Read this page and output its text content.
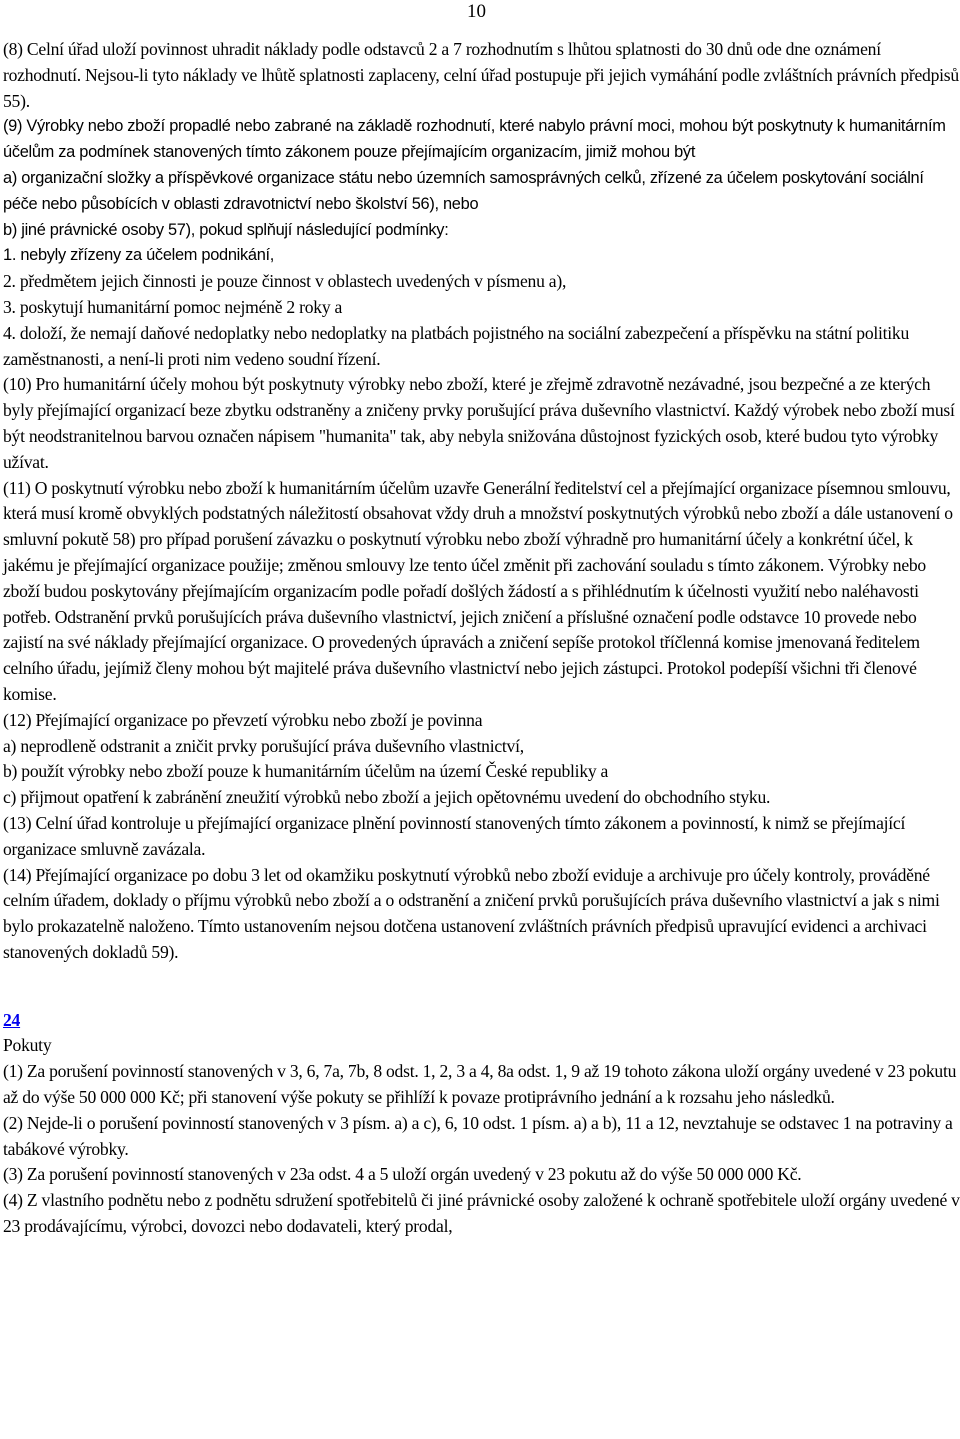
10

(8) Celní úřad uloží povinnost uhradit náklady podle odstavců 2 a 7 rozhodnutím s lhůtou splatnosti do 30 dnů ode dne oznámení rozhodnutí. Nejsou-li tyto náklady ve lhůtě splatnosti zaplaceny, celní úřad postupuje při jejich vymáhání podle zvláštních právních předpisů 55).

(9) Výrobky nebo zboží propadlé nebo zabrané na základě rozhodnutí, které nabylo právní moci, mohou být poskytnuty k humanitárním účelům za podmínek stanovených tímto zákonem pouze přejímajícím organizacím, jimiž mohou být

a) organizační složky a příspěvkové organizace státu nebo územních samosprávných celků, zřízené za účelem poskytování sociální péče nebo působících v oblasti zdravotnictví nebo školství 56), nebo

b) jiné právnické osoby 57), pokud splňují následující podmínky:

1. nebyly zřízeny za účelem podnikání,

2. předmětem jejich činnosti je pouze činnost v oblastech uvedených v písmenu a),

3. poskytují humanitární pomoc nejméně 2 roky a

4. doloží, že nemají daňové nedoplatky nebo nedoplatky na platbách pojistného na sociální zabezpečení a příspěvku na státní politiku zaměstnanosti, a není-li proti nim vedeno soudní řízení.

(10) Pro humanitární účely mohou být poskytnuty výrobky nebo zboží, které je zřejmě zdravotně nezávadné, jsou bezpečné a ze kterých byly přejímající organizací beze zbytku odstraněny a zničeny prvky porušující práva duševního vlastnictví. Každý výrobek nebo zboží musí být neodstranitelnou barvou označen nápisem "humanita" tak, aby nebyla snižována důstojnost fyzických osob, které budou tyto výrobky užívat.

(11) O poskytnutí výrobku nebo zboží k humanitárním účelům uzavře Generální ředitelství cel a přejímající organizace písemnou smlouvu, která musí kromě obvyklých podstatných náležitostí obsahovat vždy druh a množství poskytnutých výrobků nebo zboží a dále ustanovení o smluvní pokutě 58) pro případ porušení závazku o poskytnutí výrobku nebo zboží výhradně pro humanitární účely a konkrétní účel, k jakému je přejímající organizace použije; změnou smlouvy lze tento účel změnit při zachování souladu s tímto zákonem. Výrobky nebo zboží budou poskytovány přejímajícím organizacím podle pořadí došlých žádostí a s přihlédnutím k účelnosti využití nebo naléhavosti potřeb. Odstranění prvků porušujících práva duševního vlastnictví, jejich zničení a příslušné označení podle odstavce 10 provede nebo zajistí na své náklady přejímající organizace. O provedených úpravách a zničení sepíše protokol tříčlenná komise jmenovaná ředitelem celního úřadu, jejímiž členy mohou být majitelé práva duševního vlastnictví nebo jejich zástupci. Protokol podepíší všichni tři členové komise.

(12) Přejímající organizace po převzetí výrobku nebo zboží je povinna

a) neprodleně odstranit a zničit prvky porušující práva duševního vlastnictví,

b) použít výrobky nebo zboží pouze k humanitárním účelům na území České republiky a

c) přijmout opatření k zabránění zneužití výrobků nebo zboží a jejich opětovnému uvedení do obchodního styku.

(13) Celní úřad kontroluje u přejímající organizace plnění povinností stanovených tímto zákonem a povinností, k nimž se přejímající organizace smluvně zavázala.

(14) Přejímající organizace po dobu 3 let od okamžiku poskytnutí výrobků nebo zboží eviduje a archivuje pro účely kontroly, prováděné celním úřadem, doklady o příjmu výrobků nebo zboží a o odstranění a zničení prvků porušujících práva duševního vlastnictví a jak s nimi bylo prokazatelně naloženo. Tímto ustanovením nejsou dotčena ustanovení zvláštních právních předpisů upravující evidenci a archivaci stanovených dokladů 59).

24

Pokuty

(1) Za porušení povinností stanovených v 3, 6, 7a, 7b, 8 odst. 1, 2, 3 a 4, 8a odst. 1, 9 až 19 tohoto zákona uloží orgány uvedené v 23 pokutu až do výše 50 000 000 Kč; při stanovení výše pokuty se přihlíží k povaze protiprávního jednání a k rozsahu jeho následků.

(2) Nejde-li o porušení povinností stanovených v 3 písm. a) a c), 6, 10 odst. 1 písm. a) a b), 11 a 12, nevztahuje se odstavec 1 na potraviny a tabákové výrobky.

(3) Za porušení povinností stanovených v 23a odst. 4 a 5 uloží orgán uvedený v 23 pokutu až do výše 50 000 000 Kč.

(4) Z vlastního podnětu nebo z podnětu sdružení spotřebitelů či jiné právnické osoby založené k ochraně spotřebitele uloží orgány uvedené v 23 prodávajícímu, výrobci, dovozci nebo dodavateli, který prodal,
